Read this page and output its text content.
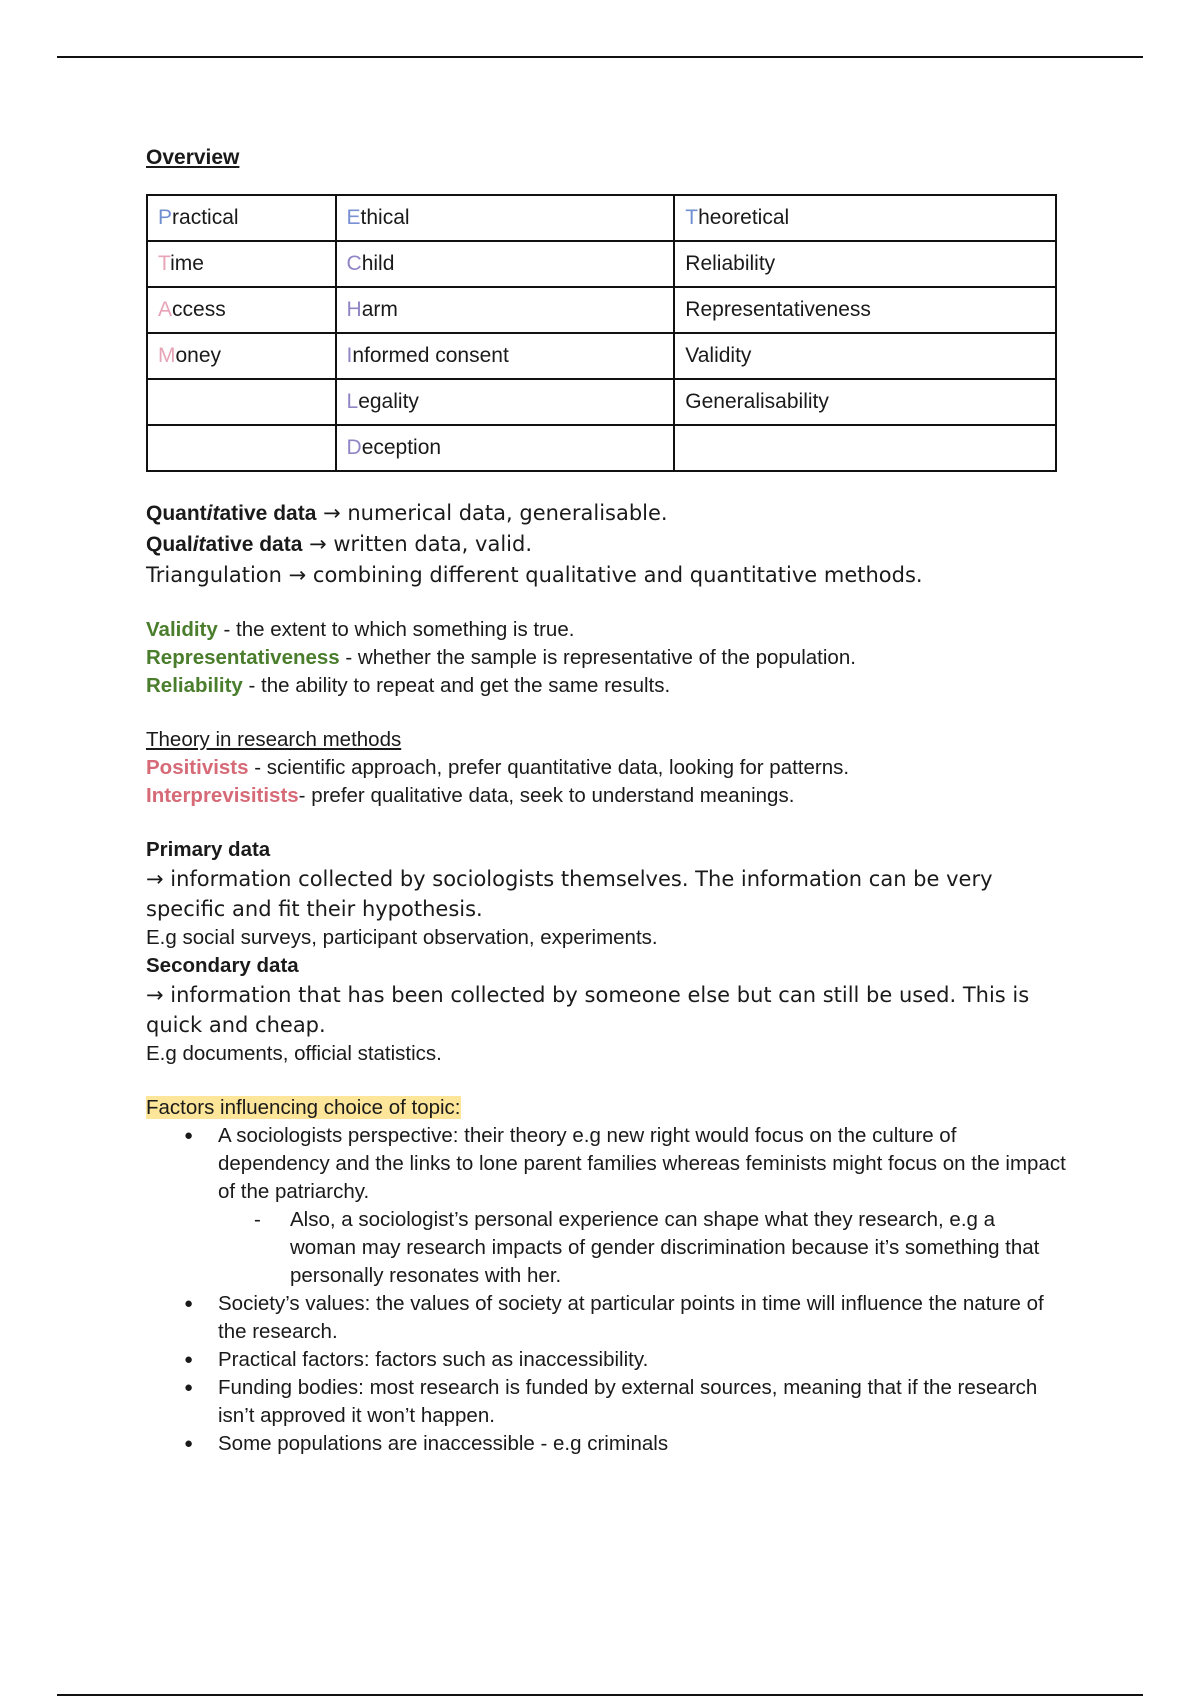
Overview
Practical	Ethical	Theoretical
Time	Child	Reliability
Access	Harm	Representativeness
Money	Informed consent	Validity
	Legality	Generalisability
	Deception	

Quantitative data → numerical data, generalisable.

Qualitative data → written data, valid.

Triangulation → combining different qualitative and quantitative methods.

Validity - the extent to which something is true.

Representativeness - whether the sample is representative of the population.

Reliability - the ability to repeat and get the same results.

Theory in research methods

Positivists - scientific approach, prefer quantitative data, looking for patterns.

Interprevisitists- prefer qualitative data, seek to understand meanings.

Primary data

→ information collected by sociologists themselves. The information can be very specific and fit their hypothesis.

E.g social surveys, participant observation, experiments.

Secondary data

→ information that has been collected by someone else but can still be used. This is quick and cheap.

E.g documents, official statistics.

Factors influencing choice of topic:

● A sociologists perspective: their theory e.g new right would focus on the culture of dependency and the links to lone parent families whereas feminists might focus on the impact of the patriarchy.
- Also, a sociologist’s personal experience can shape what they research, e.g a woman may research impacts of gender discrimination because it’s something that personally resonates with her.
● Society’s values: the values of society at particular points in time will influence the nature of the research.
● Practical factors: factors such as inaccessibility.
● Funding bodies: most research is funded by external sources, meaning that if the research isn’t approved it won’t happen.
● Some populations are inaccessible - e.g criminals
